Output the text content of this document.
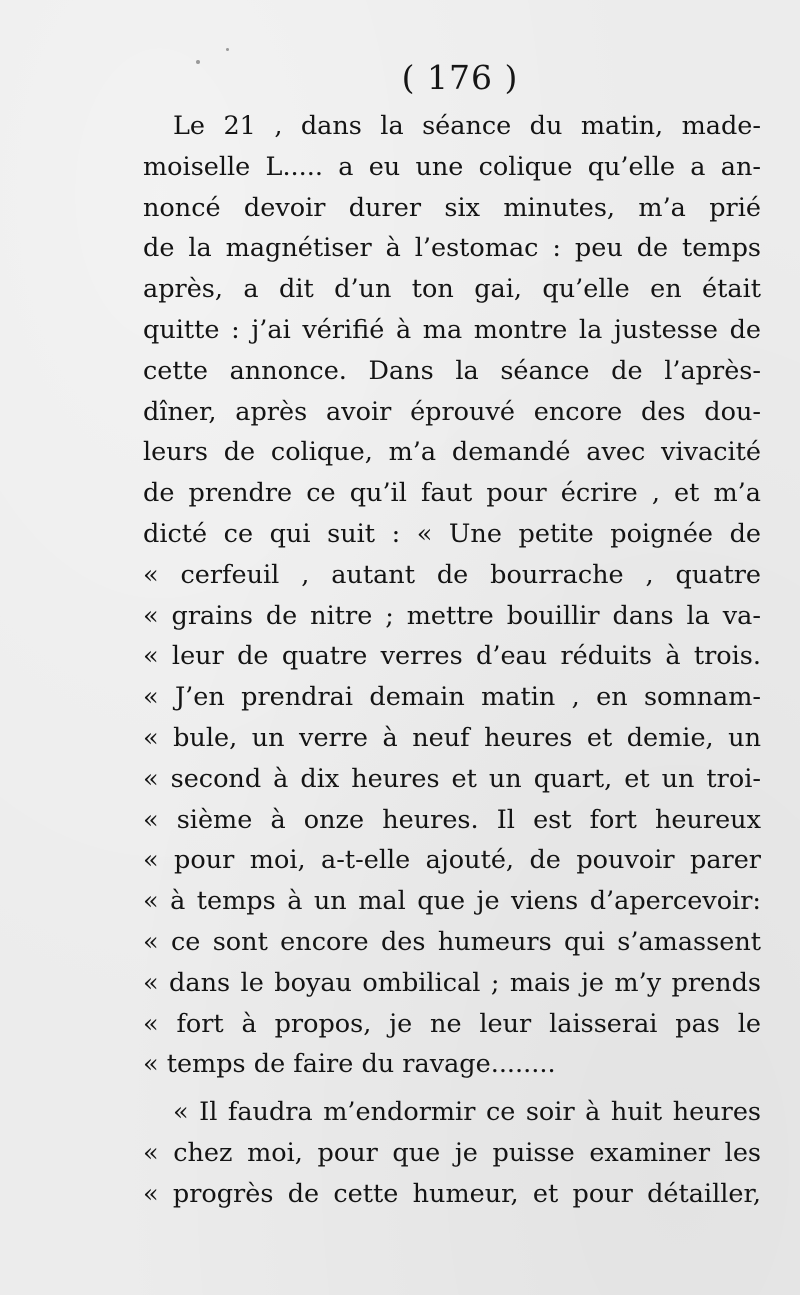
( 176 )
Le 21 , dans la séance du matin, made-
moiselle L..... a eu une colique qu’elle a an-
noncé devoir durer six minutes, m’a prié
de la magnétiser à l’estomac : peu de temps
après, a dit d’un ton gai, qu’elle en était
quitte : j’ai vérifié à ma montre la justesse de
cette annonce. Dans la séance de l’après-
dîner, après avoir éprouvé encore des dou-
leurs de colique, m’a demandé avec vivacité
de prendre ce qu’il faut pour écrire , et m’a
dicté ce qui suit : « Une petite poignée de
« cerfeuil , autant de bourrache , quatre
« grains de nitre ; mettre bouillir dans la va-
« leur de quatre verres d’eau réduits à trois.
« J’en prendrai demain matin , en somnam-
« bule, un verre à neuf heures et demie, un
« second à dix heures et un quart, et un troi-
« sième à onze heures. Il est fort heureux
« pour moi, a-t-elle ajouté, de pouvoir parer
« à temps à un mal que je viens d’apercevoir:
« ce sont encore des humeurs qui s’amassent
« dans le boyau ombilical ; mais je m’y prends
« fort à propos, je ne leur laisserai pas le
« temps de faire du ravage........
« Il faudra m’endormir ce soir à huit heures
« chez moi, pour que je puisse examiner les
« progrès de cette humeur, et pour détailler,
